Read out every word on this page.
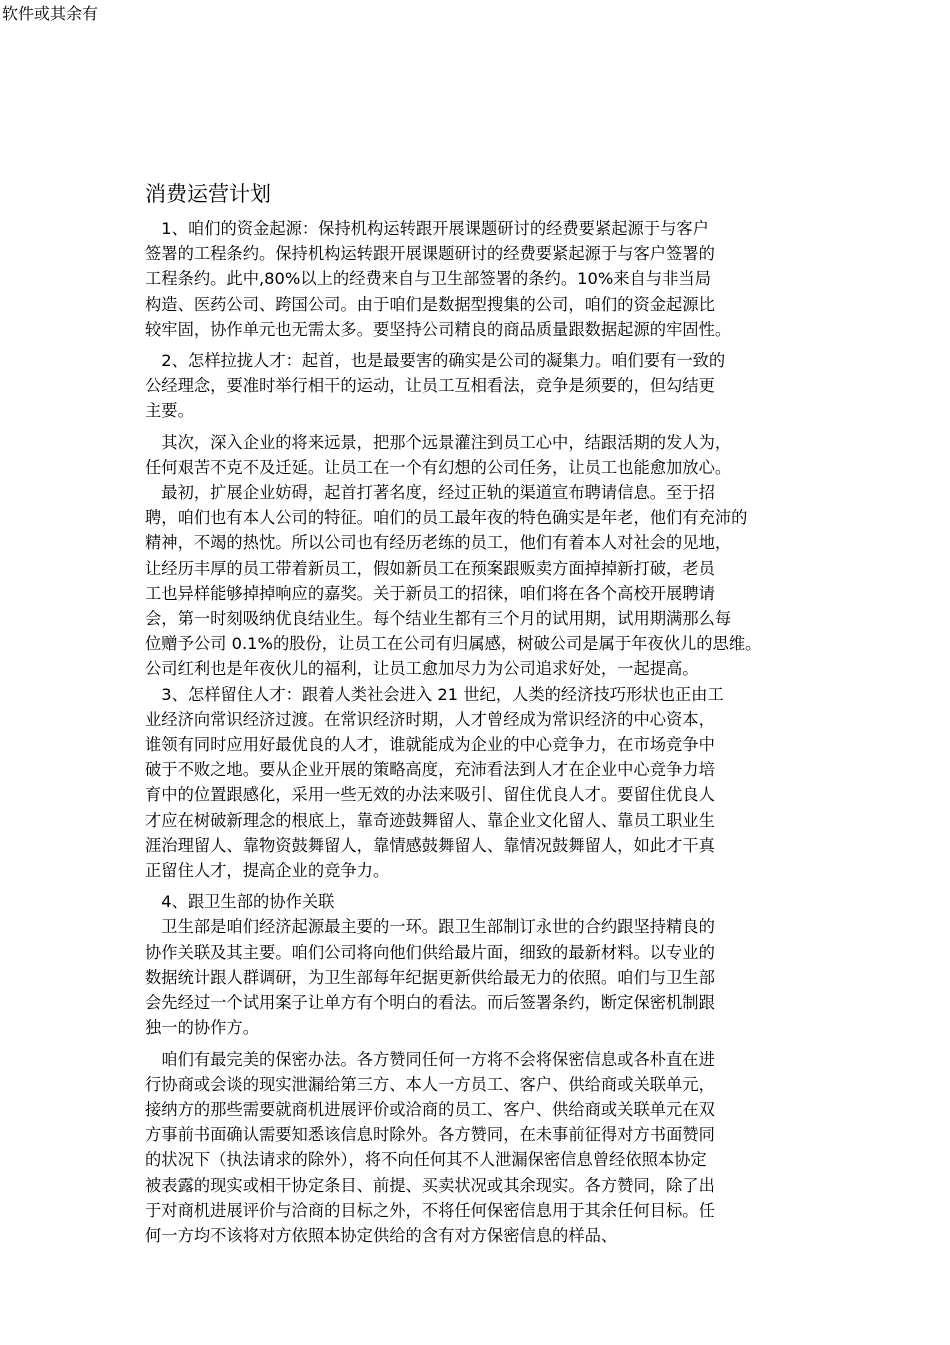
软件或其余有
消费运营计划
　1、咱们的资金起源：保持机构运转跟开展课题研讨的经费要紧起源于与客户
签署的工程条约。保持机构运转跟开展课题研讨的经费要紧起源于与客户签署的
工程条约。此中,80%以上的经费来自与卫生部签署的条约。10%来自与非当局
构造、医药公司、跨国公司。由于咱们是数据型搜集的公司，咱们的资金起源比
较牢固，协作单元也无需太多。要坚持公司精良的商品质量跟数据起源的牢固性。
　2、怎样拉拢人才：起首，也是最要害的确实是公司的凝集力。咱们要有一致的
公经理念，要准时举行相干的运动，让员工互相看法，竞争是须要的，但勾结更
主要。
　其次，深入企业的将来远景，把那个远景灌注到员工心中，结跟活期的发人为，
任何艰苦不克不及迁延。让员工在一个有幻想的公司任务，让员工也能愈加放心。
　最初，扩展企业妨碍，起首打著名度，经过正轨的渠道宣布聘请信息。至于招
聘，咱们也有本人公司的特征。咱们的员工最年夜的特色确实是年老，他们有充沛的
精神，不竭的热忱。所以公司也有经历老练的员工，他们有着本人对社会的见地，
让经历丰厚的员工带着新员工，假如新员工在预案跟贩卖方面掉掉新打破，老员
工也异样能够掉掉响应的嘉奖。关于新员工的招徕，咱们将在各个高校开展聘请
会，第一时刻吸纳优良结业生。每个结业生都有三个月的试用期，试用期满那么每
位赠予公司 0.1%的股份，让员工在公司有归属感，树破公司是属于年夜伙儿的思维。
公司红利也是年夜伙儿的福利，让员工愈加尽力为公司追求好处，一起提高。
　3、怎样留住人才：跟着人类社会进入 21 世纪，人类的经济技巧形状也正由工
业经济向常识经济过渡。在常识经济时期，人才曾经成为常识经济的中心资本，
谁领有同时应用好最优良的人才，谁就能成为企业的中心竞争力，在市场竞争中
破于不败之地。要从企业开展的策略高度，充沛看法到人才在企业中心竞争力培
育中的位置跟感化，采用一些无效的办法来吸引、留住优良人才。要留住优良人
才应在树破新理念的根底上，靠奇迹鼓舞留人、靠企业文化留人、靠员工职业生
涯治理留人、靠物资鼓舞留人，靠情感鼓舞留人、靠情况鼓舞留人，如此才干真
正留住人才，提高企业的竞争力。
　4、跟卫生部的协作关联
　卫生部是咱们经济起源最主要的一环。跟卫生部制订永世的合约跟坚持精良的
协作关联及其主要。咱们公司将向他们供给最片面，细致的最新材料。以专业的
数据统计跟人群调研，为卫生部每年纪据更新供给最无力的依照。咱们与卫生部
会先经过一个试用案子让单方有个明白的看法。而后签署条约，断定保密机制跟
独一的协作方。
　咱们有最完美的保密办法。各方赞同任何一方将不会将保密信息或各朴直在进
行协商或会谈的现实泄漏给第三方、本人一方员工、客户、供给商或关联单元，
接纳方的那些需要就商机进展评价或洽商的员工、客户、供给商或关联单元在双
方事前书面确认需要知悉该信息时除外。各方赞同，在未事前征得对方书面赞同
的状况下（执法请求的除外），将不向任何其不人泄漏保密信息曾经依照本协定
被表露的现实或相干协定条目、前提、买卖状况或其余现实。各方赞同，除了出
于对商机进展评价与洽商的目标之外，不将任何保密信息用于其余任何目标。任
何一方均不该将对方依照本协定供给的含有对方保密信息的样品、
